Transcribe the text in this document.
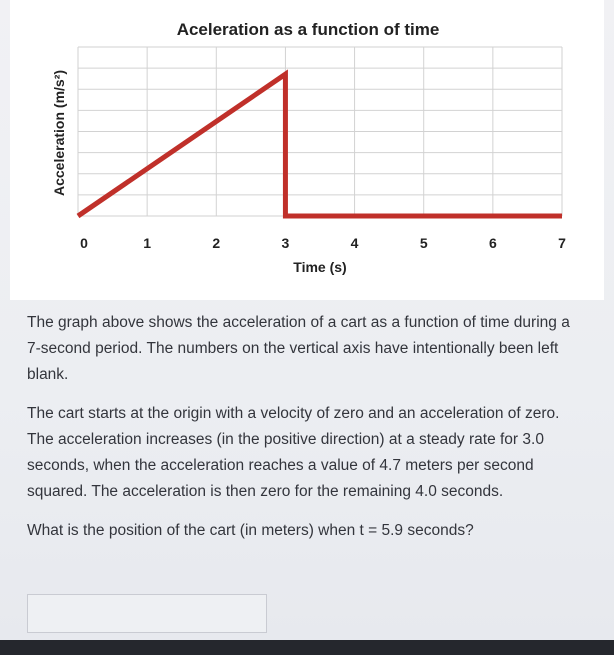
Aceleration as a function of time
Acceleration (m/s²)
Time (s)
0	1	2	3	4	5	6	7

The graph above shows the acceleration of a cart as a function of time during a 7-second period. The numbers on the vertical axis have intentionally been left blank.

The cart starts at the origin with a velocity of zero and an acceleration of zero. The acceleration increases (in the positive direction) at a steady rate for 3.0 seconds, when the acceleration reaches a value of 4.7 meters per second squared. The acceleration is then zero for the remaining 4.0 seconds.

What is the position of the cart (in meters) when t = 5.9 seconds?
